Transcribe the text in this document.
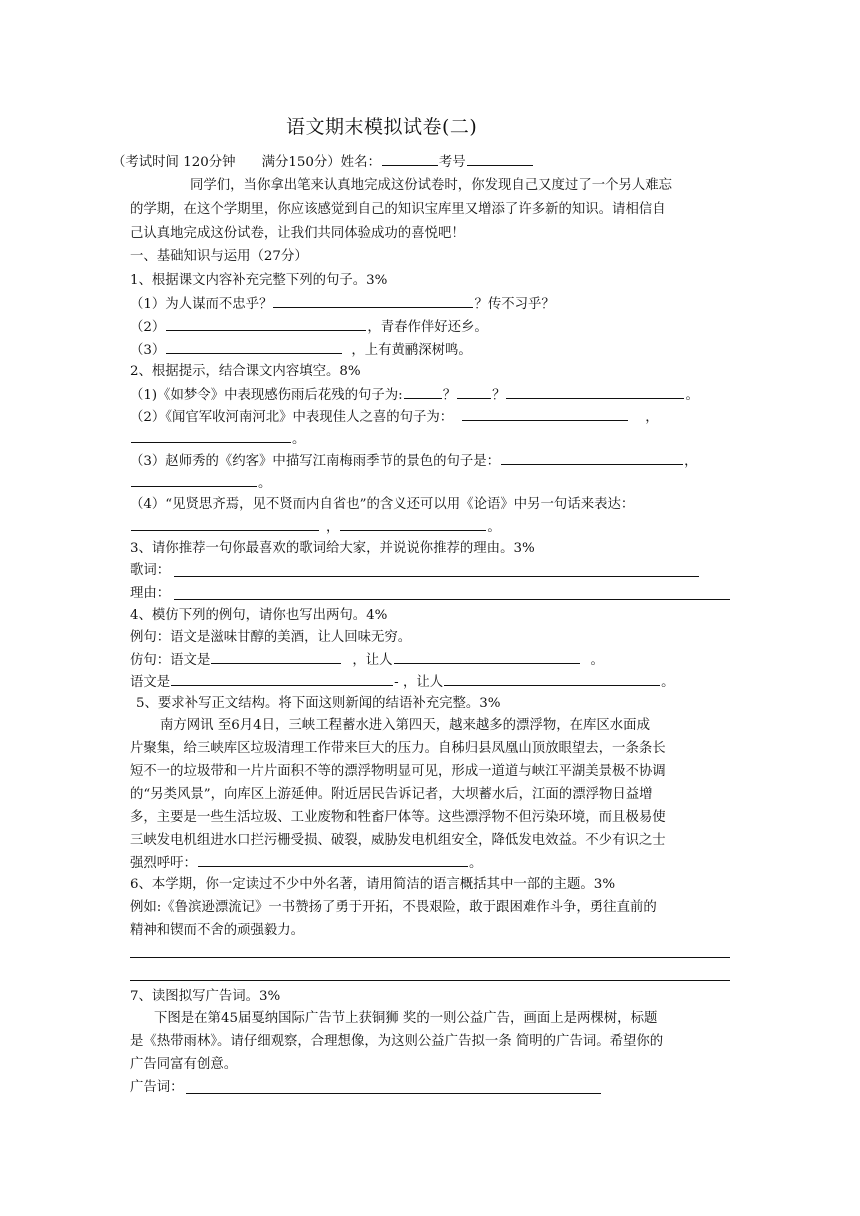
语文期末模拟试卷(二)
（考试时间 120分钟 满分150分）姓名：	考号
同学们，当你拿出笔来认真地完成这份试卷时，你发现自己又度过了一个另人难忘
的学期，在这个学期里，你应该感觉到自己的知识宝库里又增添了许多新的知识。请相信自
己认真地完成这份试卷，让我们共同体验成功的喜悦吧！
一、基础知识与运用（27分）
1、根据课文内容补充完整下列的句子。3%
（1）为人谋而不忠乎？	？传不习乎？
（2）	，青春作伴好还乡。
（3）	，上有黄鹂深树鸣。
2、根据提示，结合课文内容填空。8%
（1)《如梦令》中表现感伤雨后花残的句子为:	？	？	。
（2）《闻官军收河南河北》中表现佳人之喜的句子为：	，
。
（3）赵师秀的《约客》中描写江南梅雨季节的景色的句子是：	，
。
（4）“见贤思齐焉，见不贤而内自省也”的含义还可以用《论语》中另一句话来表达：
，	。
3、请你推荐一句你最喜欢的歌词给大家，并说说你推荐的理由。3%
歌词：
理由：
4、模仿下列的例句，请你也写出两句。4%
例句：语文是滋味甘醇的美酒，让人回味无穷。
仿句：语文是	，让人	。
语文是	- ，让人	。
5、要求补写正文结构。将下面这则新闻的结语补充完整。3%
南方网讯 至6月4日，三峡工程蓄水进入第四天，越来越多的漂浮物，在库区水面成
片聚集，给三峡库区垃圾清理工作带来巨大的压力。自秭归县凤凰山顶放眼望去，一条条长
短不一的垃圾带和一片片面积不等的漂浮物明显可见，形成一道道与峡江平湖美景极不协调
的“另类风景”，向库区上游延伸。附近居民告诉记者，大坝蓄水后，江面的漂浮物日益增
多，主要是一些生活垃圾、工业废物和牲畜尸体等。这些漂浮物不但污染环境，而且极易使
三峡发电机组进水口拦污栅受损、破裂，威胁发电机组安全，降低发电效益。不少有识之士
强烈呼吁：	。
6、本学期，你一定读过不少中外名著，请用简洁的语言概括其中一部的主题。3%
例如:《鲁滨逊漂流记》一书赞扬了勇于开拓，不畏艰险，敢于跟困难作斗争，勇往直前的
精神和锲而不舍的顽强毅力。
7、读图拟写广告词。3%
下图是在第45届戛纳国际广告节上获铜狮 奖的一则公益广告，画面上是两棵树，标题
是《热带雨林》。请仔细观察，合理想像，为这则公益广告拟一条 简明的广告词。希望你的
广告同富有创意。
广告词：
